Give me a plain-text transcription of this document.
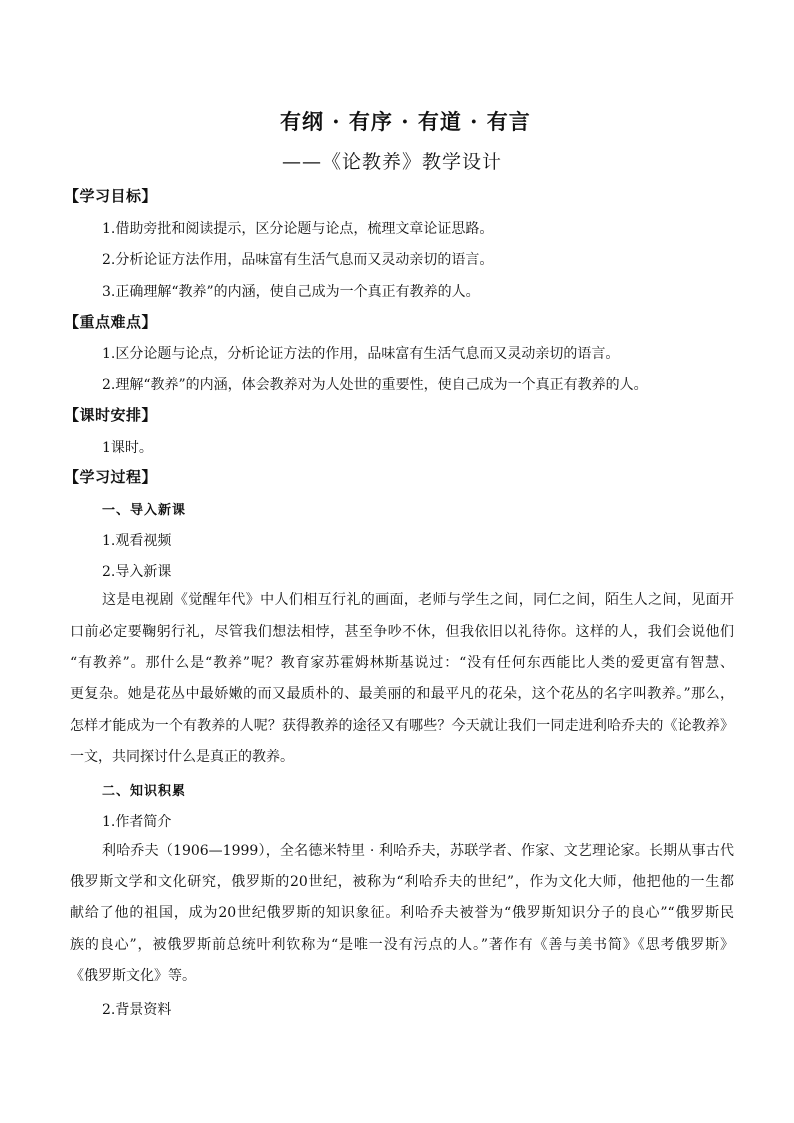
有纲 · 有序 · 有道 · 有言
——《论教养》教学设计
【学习目标】
1.借助旁批和阅读提示，区分论题与论点，梳理文章论证思路。
2.分析论证方法作用，品味富有生活气息而又灵动亲切的语言。
3.正确理解“教养”的内涵，使自己成为一个真正有教养的人。
【重点难点】
1.区分论题与论点，分析论证方法的作用，品味富有生活气息而又灵动亲切的语言。
2.理解“教养”的内涵，体会教养对为人处世的重要性，使自己成为一个真正有教养的人。
【课时安排】
1课时。
【学习过程】
一、导入新课
1.观看视频
2.导入新课
这是电视剧《觉醒年代》中人们相互行礼的画面，老师与学生之间，同仁之间，陌生人之间，见面开
口前必定要鞠躬行礼，尽管我们想法相悖，甚至争吵不休，但我依旧以礼待你。这样的人，我们会说他们
“有教养”。那什么是“教养”呢？教育家苏霍姆林斯基说过：“没有任何东西能比人类的爱更富有智慧、
更复杂。她是花丛中最娇嫩的而又最质朴的、最美丽的和最平凡的花朵，这个花丛的名字叫教养。”那么，
怎样才能成为一个有教养的人呢？获得教养的途径又有哪些？今天就让我们一同走进利哈乔夫的《论教养》
一文，共同探讨什么是真正的教养。
二、知识积累
1.作者简介
利哈乔夫（1906—1999），全名德米特里 · 利哈乔夫，苏联学者、作家、文艺理论家。长期从事古代
俄罗斯文学和文化研究，俄罗斯的20世纪，被称为“利哈乔夫的世纪”，作为文化大师，他把他的一生都
献给了他的祖国，成为20世纪俄罗斯的知识象征。利哈乔夫被誉为“俄罗斯知识分子的良心”“俄罗斯民
族的良心”，被俄罗斯前总统叶利钦称为“是唯一没有污点的人。”著作有《善与美书简》《思考俄罗斯》
《俄罗斯文化》等。
2.背景资料
